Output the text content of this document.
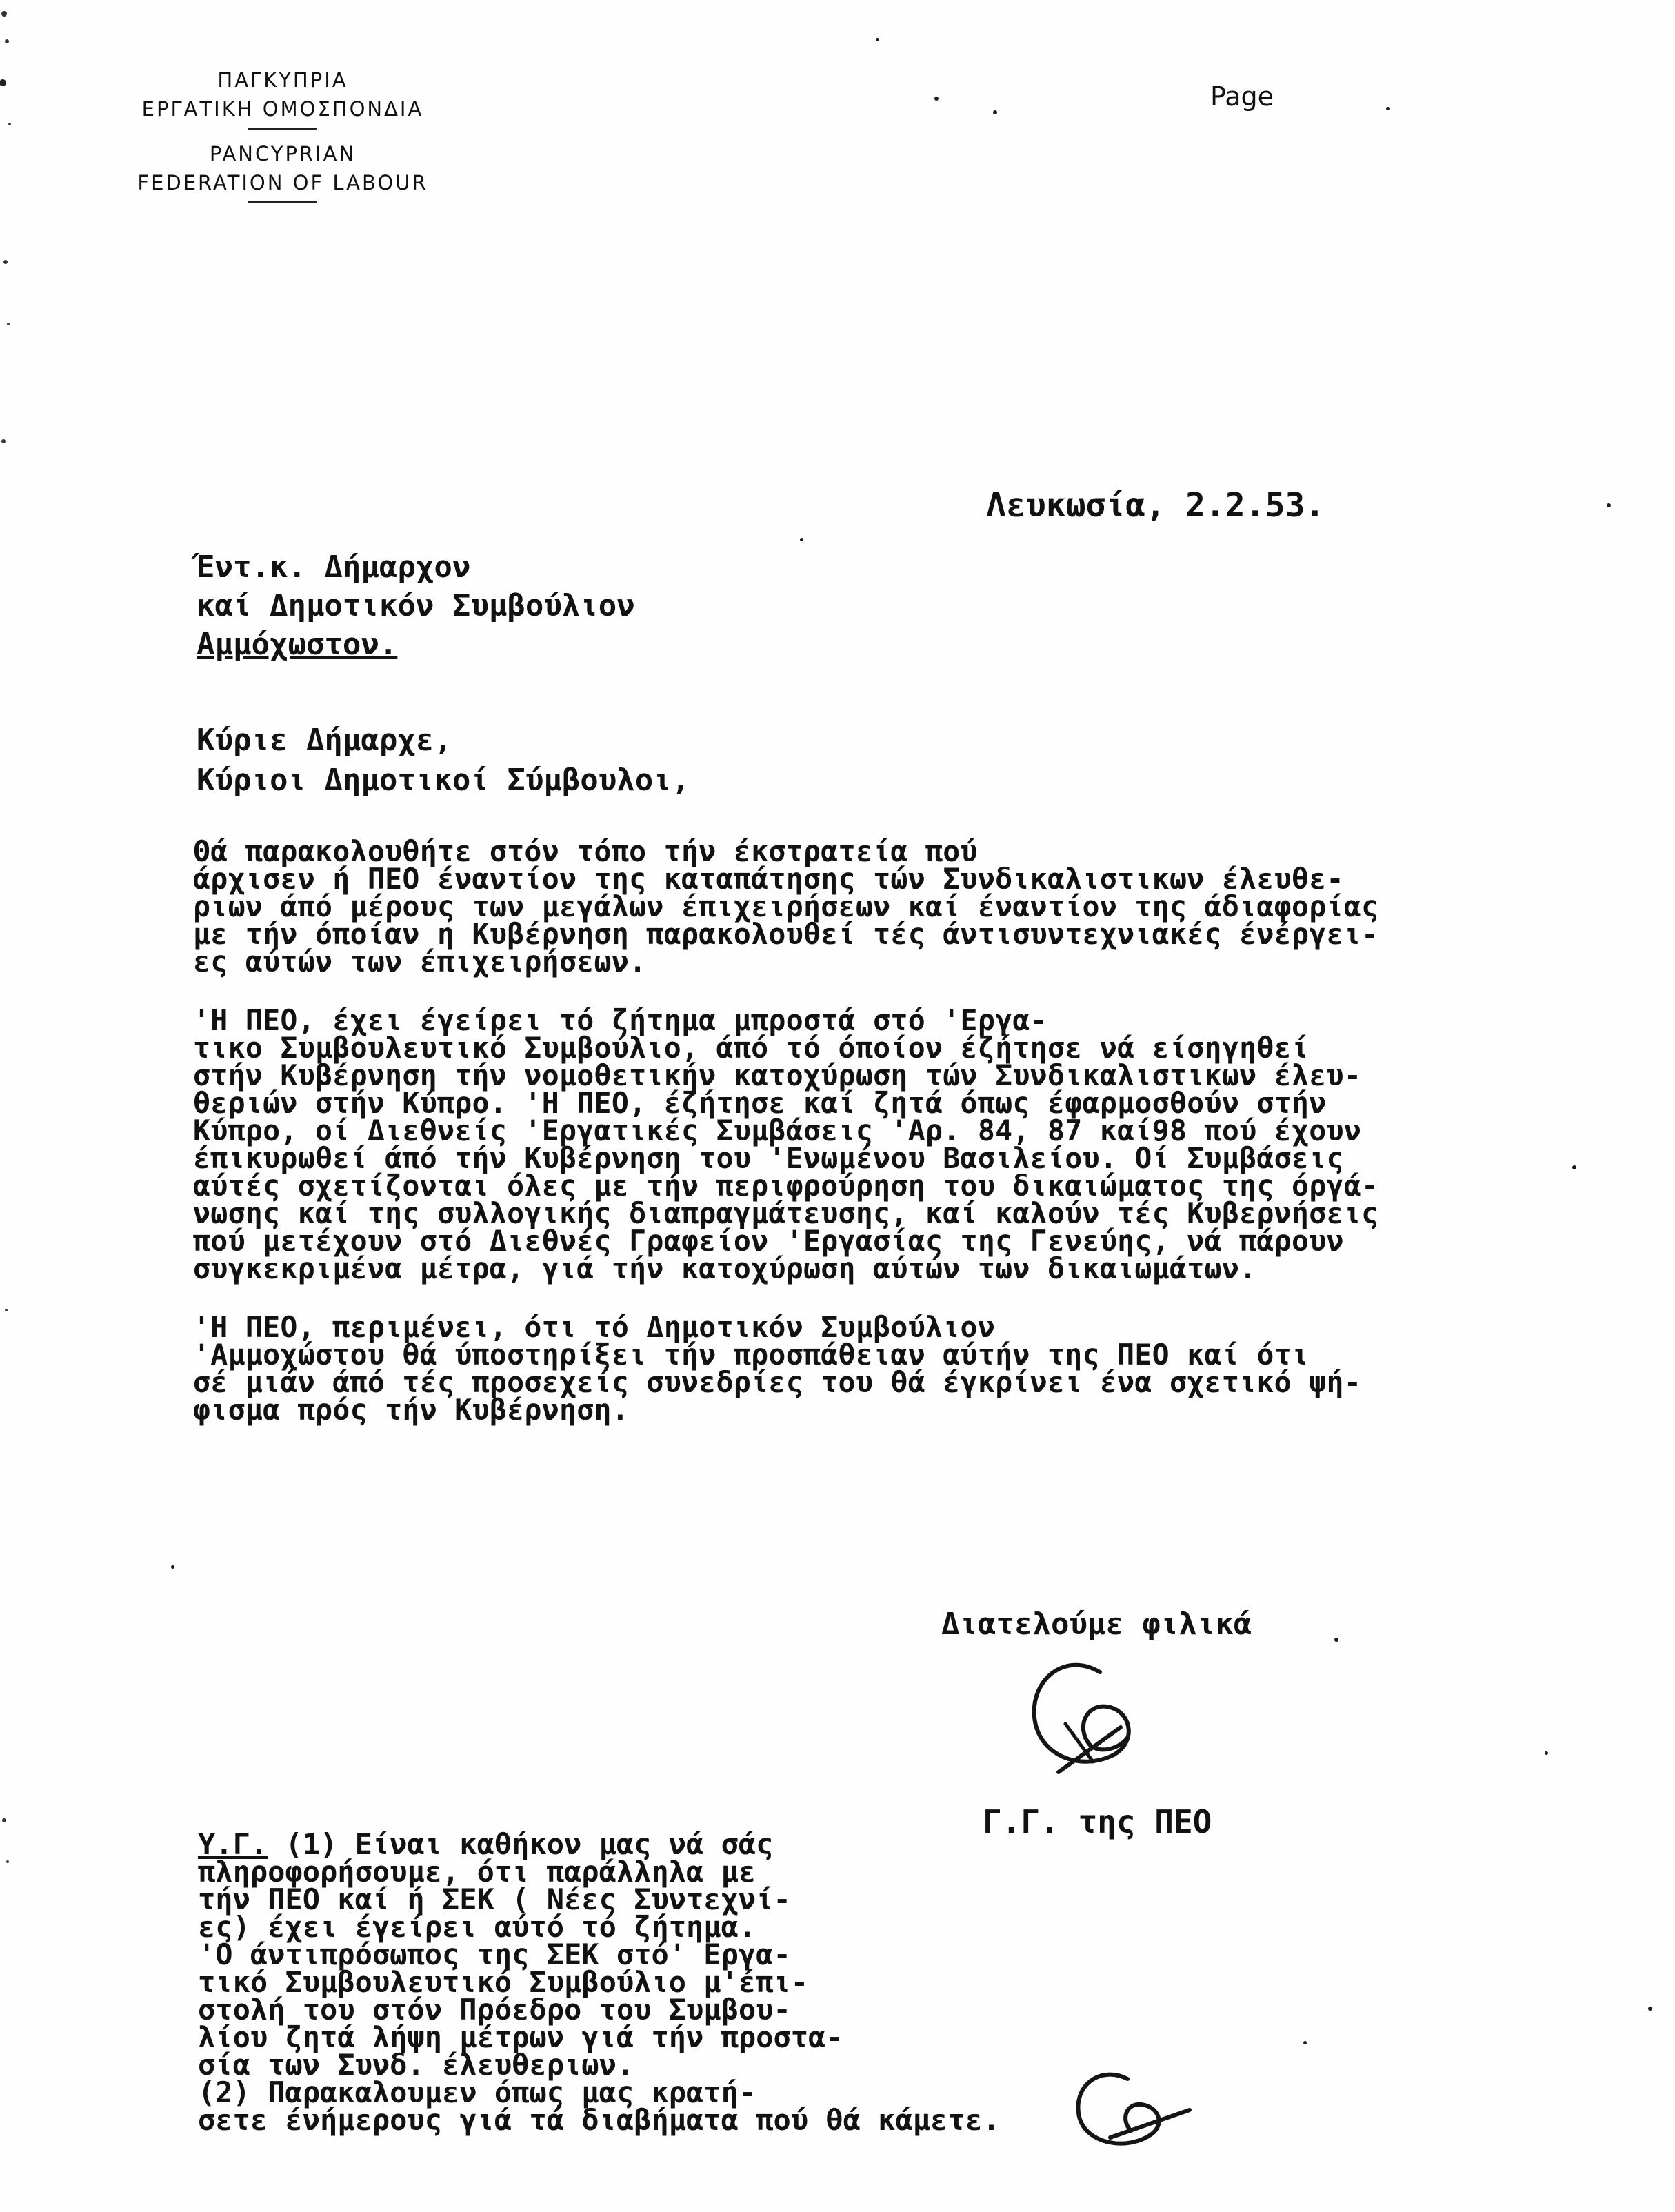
ΠΑΓΚΥΠΡΙΑ
ΕΡΓΑΤΙΚΗ ΟΜΟΣΠΟΝΔΙΑ
PANCYPRIAN
FEDERATION OF LABOUR
Page
Λευκωσία, 2.2.53.
Έντ.κ. Δήμαρχον
καί Δημοτικόν Συμβούλιον
Αμμόχωστον.
Κύριε Δήμαρχε,
Κύριοι Δημοτικοί Σύμβουλοι,
Θά παρακολουθήτε στόν τόπο τήν έκστρατεία πού
άρχισεν ή ΠΕΟ έναντίον της καταπάτησης τών Συνδικαλιστικων έλευθε-
ριων άπό μέρους των μεγάλων έπιχειρήσεων καί έναντίον της άδιαφορίας
με τήν όποίαν η Κυβέρνηση παρακολουθεί τές άντισυντεχνιακές ένέργει-
ες αύτών των έπιχειρήσεων.
'Η ΠΕΟ, έχει έγείρει τό ζήτημα μπροστά στό 'Εργα-
τικο Συμβουλευτικό Συμβούλιο, άπό τό όποίον έζήτησε νά είσηγηθεί
στήν Κυβέρνηση τήν νομοθετικήν κατοχύρωση τών Συνδικαλιστικων έλευ-
θεριών στήν Κύπρο. 'Η ΠΕΟ, έζήτησε καί ζητά όπως έφαρμοσθούν στήν
Κύπρο, οί Διεθνείς 'Εργατικές Συμβάσεις 'Αρ. 84, 87 καί98 πού έχουν
έπικυρωθεί άπό τήν Κυβέρνηση του 'Ενωμένου Βασιλείου. Οί Συμβάσεις
αύτές σχετίζονται όλες με τήν περιφρούρηση του δικαιώματος της όργά-
νωσης καί της συλλογικής διαπραγμάτευσης, καί καλούν τές Κυβερνήσεις
πού μετέχουν στό Διεθνές Γραφείον 'Εργασίας της Γενεύης, νά πάρουν
συγκεκριμένα μέτρα, γιά τήν κατοχύρωση αύτών των δικαιωμάτων.
'Η ΠΕΟ, περιμένει, ότι τό Δημοτικόν Συμβούλιον
'Αμμοχώστου θά ύποστηρίξει τήν προσπάθειαν αύτήν της ΠΕΟ καί ότι
σέ μιάν άπό τές προσεχείς συνεδρίες του θά έγκρίνει ένα σχετικό ψή-
φισμα πρός τήν Κυβέρνηση.
Διατελούμε φιλικά
Γ.Γ. της ΠΕΟ
Υ.Γ. (1) Είναι καθήκον μας νά σάς
πληροφορήσουμε, ότι παράλληλα με
τήν ΠΕΟ καί ή ΣΕΚ ( Νέες Συντεχνί-
ες) έχει έγείρει αύτό τό ζήτημα.
'Ο άντιπρόσωπος της ΣΕΚ στό' Εργα-
τικό Συμβουλευτικό Συμβούλιο μ'έπι-
στολή του στόν Πρόεδρο του Συμβου-
λίου ζητά λήψη μέτρων γιά τήν προστα-
σία των Συνδ. έλευθεριων.
(2) Παρακαλουμεν όπως μας κρατή-
σετε ένήμερους γιά τά διαβήματα πού θά κάμετε.
